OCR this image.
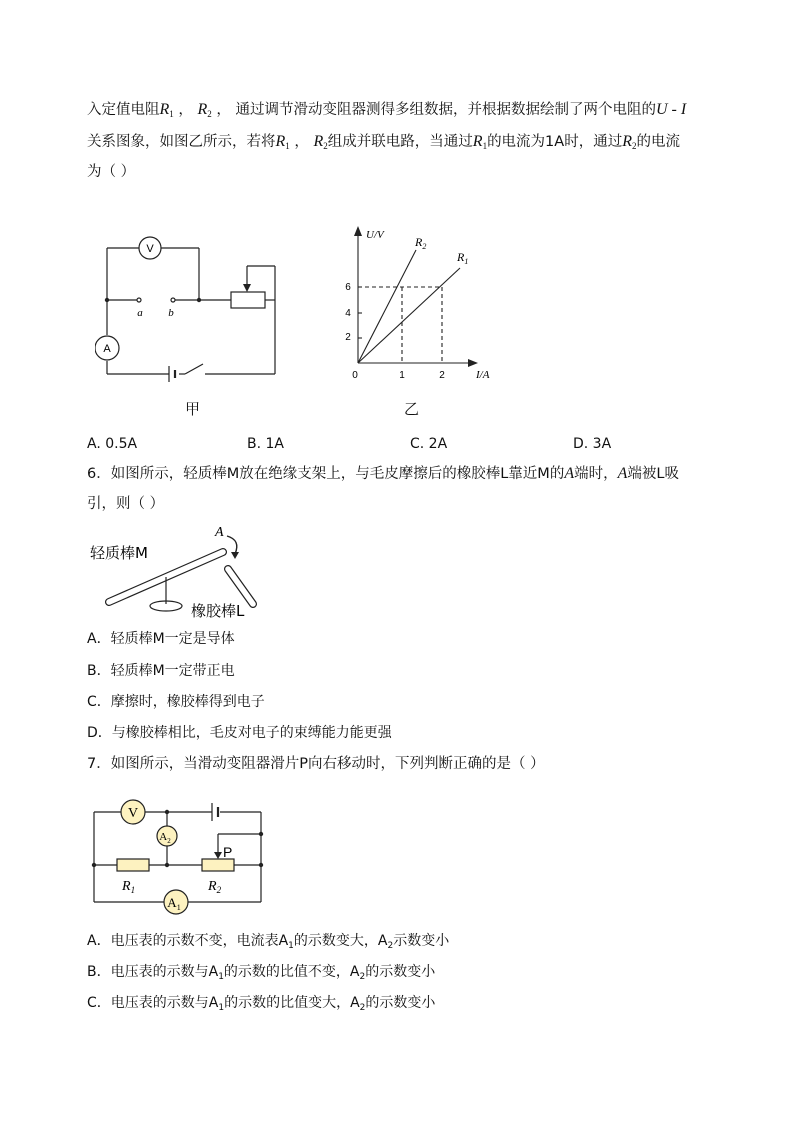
入定值电阻$R_1$ ， $R_2$ ， 通过调节滑动变阻器测得多组数据，并根据数据绘制了两个电阻的U - I
关系图象，如图乙所示，若将$R_1$ ， $R_2$组成并联电路，当通过$R_1$的电流为1A时，通过$R_2$的电流
为（ ）
V
A
a b
甲
U/V
I/A
0
2
4
6
1	2
$R_2$
$R_1$
乙
A. 0.5A	B. 1A	C. 2A	D. 3A
6．如图所示，轻质棒M放在绝缘支架上，与毛皮摩擦后的橡胶棒L靠近M的A端时，A端被L吸
引，则（ ）
轻质棒M
A
橡胶棒L
A．轻质棒M一定是导体
B．轻质棒M一定带正电
C．摩擦时，橡胶棒得到电子
D．与橡胶棒相比，毛皮对电子的束缚能力能更强
7．如图所示，当滑动变阻器滑片P向右移动时，下列判断正确的是（ ）
V
$A_2$
$A_1$
P
$R_1$	$R_2$
A．电压表的示数不变，电流表$A_1$的示数变大，$A_2$示数变小
B．电压表的示数与$A_1$的示数的比值不变，$A_2$的示数变小
C．电压表的示数与$A_1$的示数的比值变大，$A_2$的示数变小
